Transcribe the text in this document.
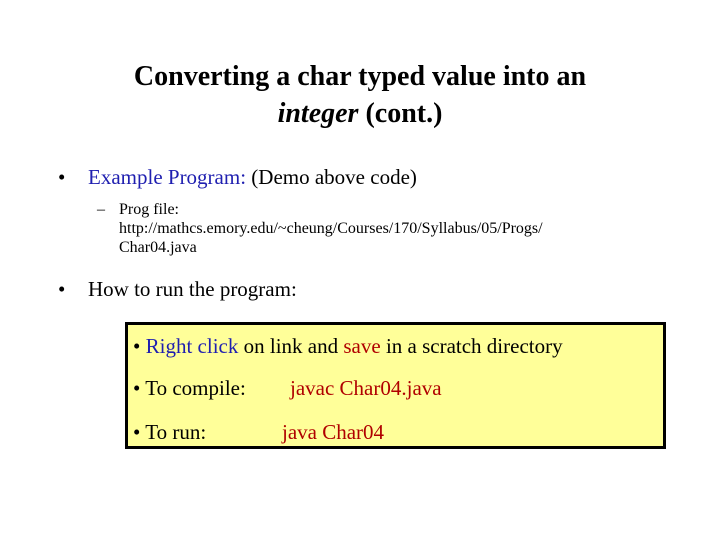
Converting a char typed value into an
integer (cont.)
• Example Program: (Demo above code)
– Prog file:
http://mathcs.emory.edu/~cheung/Courses/170/Syllabus/05/Progs/
Char04.java
• How to run the program:
• Right click on link and save in a scratch directory
• To compile: javac Char04.java
• To run:	java Char04
